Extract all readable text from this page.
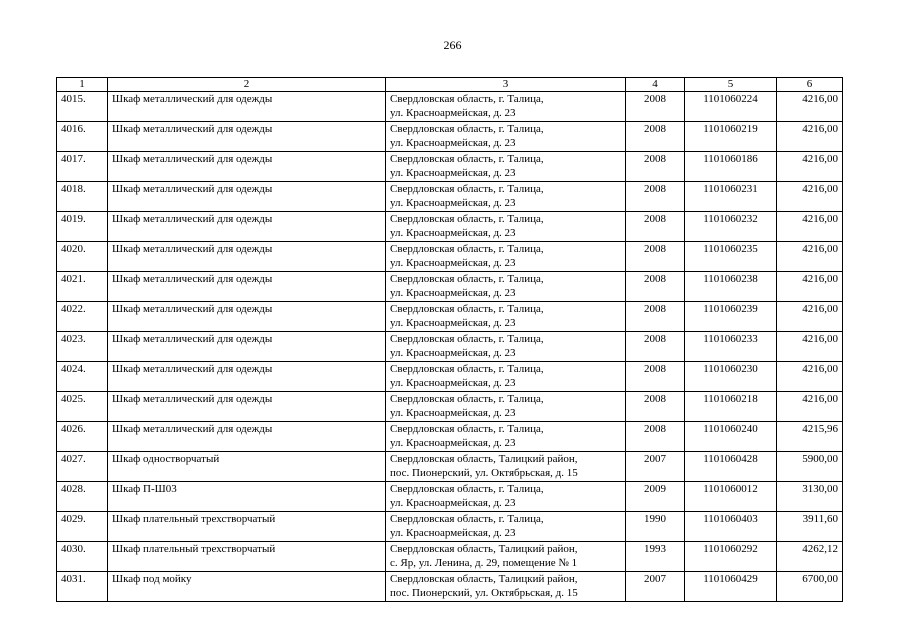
266
1	2	3	4	5	6
4015.	Шкаф металлический для одежды	Свердловская область, г. Талица,
ул. Красноармейская, д. 23	2008	1101060224	4216,00
4016.	Шкаф металлический для одежды	Свердловская область, г. Талица,
ул. Красноармейская, д. 23	2008	1101060219	4216,00
4017.	Шкаф металлический для одежды	Свердловская область, г. Талица,
ул. Красноармейская, д. 23	2008	1101060186	4216,00
4018.	Шкаф металлический для одежды	Свердловская область, г. Талица,
ул. Красноармейская, д. 23	2008	1101060231	4216,00
4019.	Шкаф металлический для одежды	Свердловская область, г. Талица,
ул. Красноармейская, д. 23	2008	1101060232	4216,00
4020.	Шкаф металлический для одежды	Свердловская область, г. Талица,
ул. Красноармейская, д. 23	2008	1101060235	4216,00
4021.	Шкаф металлический для одежды	Свердловская область, г. Талица,
ул. Красноармейская, д. 23	2008	1101060238	4216,00
4022.	Шкаф металлический для одежды	Свердловская область, г. Талица,
ул. Красноармейская, д. 23	2008	1101060239	4216,00
4023.	Шкаф металлический для одежды	Свердловская область, г. Талица,
ул. Красноармейская, д. 23	2008	1101060233	4216,00
4024.	Шкаф металлический для одежды	Свердловская область, г. Талица,
ул. Красноармейская, д. 23	2008	1101060230	4216,00
4025.	Шкаф металлический для одежды	Свердловская область, г. Талица,
ул. Красноармейская, д. 23	2008	1101060218	4216,00
4026.	Шкаф металлический для одежды	Свердловская область, г. Талица,
ул. Красноармейская, д. 23	2008	1101060240	4215,96
4027.	Шкаф одностворчатый	Свердловская область, Талицкий район,
пос. Пионерский, ул. Октябрьская, д. 15	2007	1101060428	5900,00
4028.	Шкаф П-Ш03	Свердловская область, г. Талица,
ул. Красноармейская, д. 23	2009	1101060012	3130,00
4029.	Шкаф плательный трехстворчатый	Свердловская область, г. Талица,
ул. Красноармейская, д. 23	1990	1101060403	3911,60
4030.	Шкаф плательный трехстворчатый	Свердловская область, Талицкий район,
с. Яр, ул. Ленина, д. 29, помещение № 1	1993	1101060292	4262,12
4031.	Шкаф под мойку	Свердловская область, Талицкий район,
пос. Пионерский, ул. Октябрьская, д. 15	2007	1101060429	6700,00
